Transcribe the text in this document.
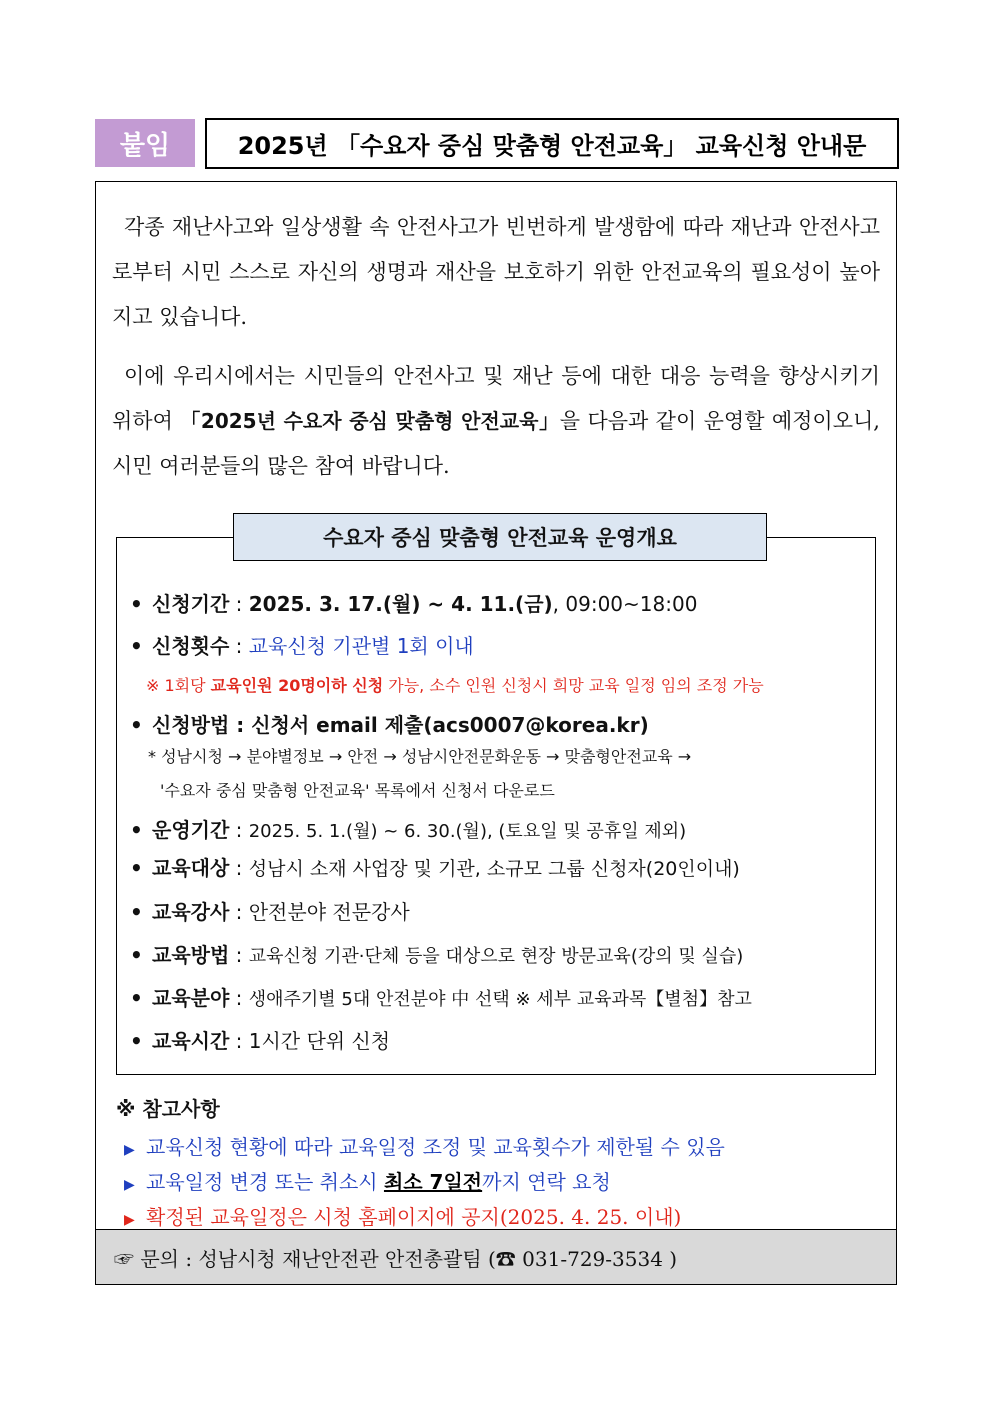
붙임	2025년 「수요자 중심 맞춤형 안전교육」 교육신청 안내문

각종 재난사고와 일상생활 속 안전사고가 빈번하게 발생함에 따라 재난과 안전사고로부터 시민 스스로 자신의 생명과 재산을 보호하기 위한 안전교육의 필요성이 높아지고 있습니다.

이에 우리시에서는 시민들의 안전사고 및 재난 등에 대한 대응 능력을 향상시키기 위하여 「2025년 수요자 중심 맞춤형 안전교육」을 다음과 같이 운영할 예정이오니, 시민 여러분들의 많은 참여 바랍니다.

수요자 중심 맞춤형 안전교육 운영개요
• 신청기간 : 2025. 3. 17.(월) ~ 4. 11.(금), 09:00~18:00
• 신청횟수 : 교육신청 기관별 1회 이내
※ 1회당 교육인원 20명이하 신청 가능, 소수 인원 신청시 희망 교육 일정 임의 조정 가능
• 신청방법 : 신청서 email 제출(acs0007@korea.kr)
* 성남시청 → 분야별정보 → 안전 → 성남시안전문화운동 → 맞춤형안전교육 →
'수요자 중심 맞춤형 안전교육' 목록에서 신청서 다운로드
• 운영기간 : 2025. 5. 1.(월) ~ 6. 30.(월), (토요일 및 공휴일 제외)
• 교육대상 : 성남시 소재 사업장 및 기관, 소규모 그룹 신청자(20인이내)
• 교육강사 : 안전분야 전문강사
• 교육방법 : 교육신청 기관·단체 등을 대상으로 현장 방문교육(강의 및 실습)
• 교육분야 : 생애주기별 5대 안전분야 中 선택 ※ 세부 교육과목【별첨】참고
• 교육시간 : 1시간 단위 신청
※ 참고사항
▶ 교육신청 현황에 따라 교육일정 조정 및 교육횟수가 제한될 수 있음
▶ 교육일정 변경 또는 취소시 최소 7일전까지 연락 요청
▶ 확정된 교육일정은 시청 홈페이지에 공지(2025. 4. 25. 이내)
☞ 문의 : 성남시청 재난안전관 안전총괄팀 (☎ 031-729-3534 )
